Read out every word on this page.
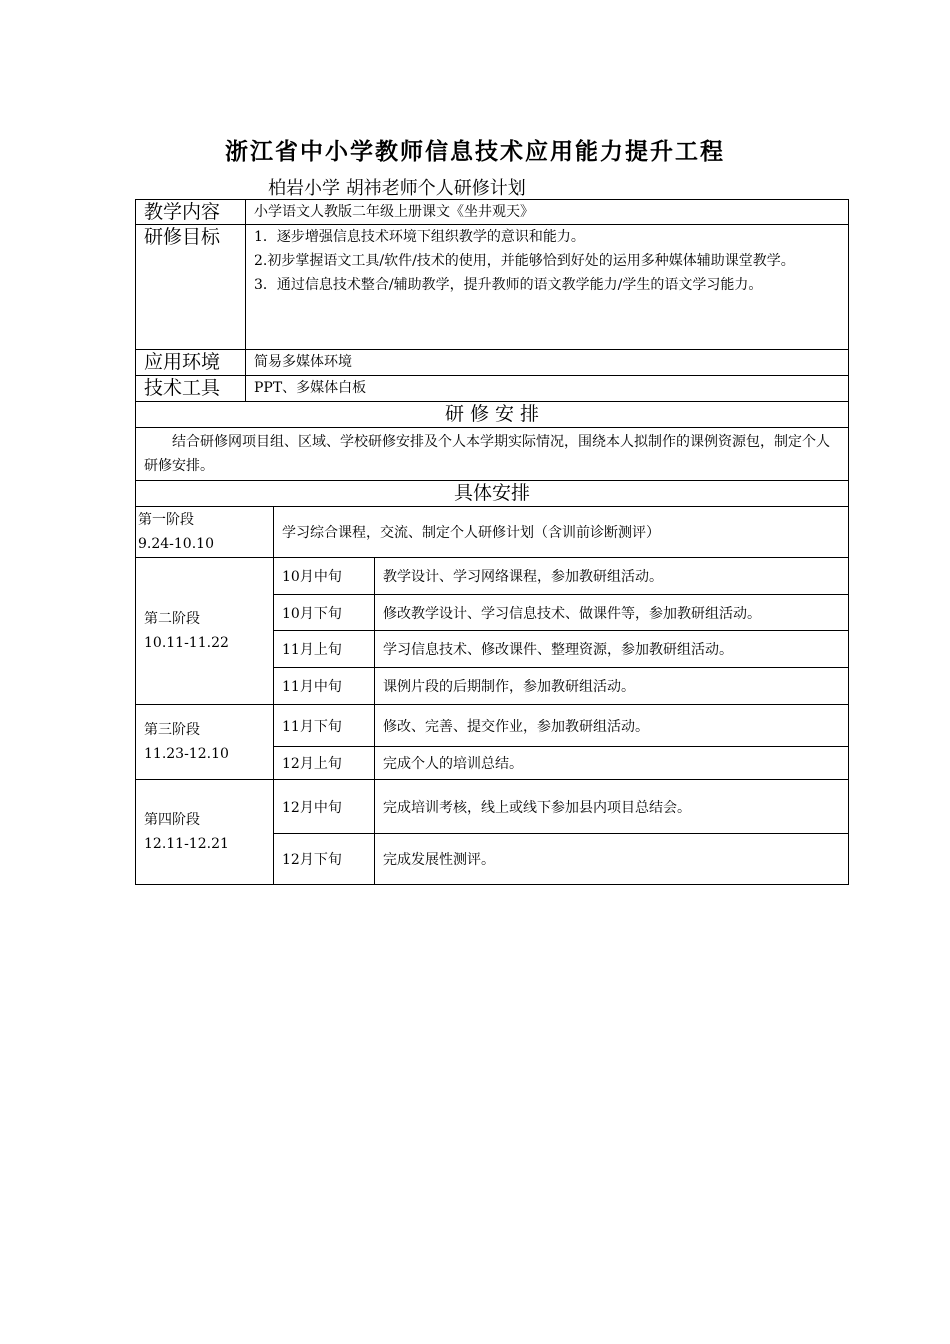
浙江省中小学教师信息技术应用能力提升工程
柏岩小学 胡祎老师个人研修计划
教学内容	小学语文人教版二年级上册课文《坐井观天》		
研修目标	1．逐步增强信息技术环境下组织教学的意识和能力。
2.初步掌握语文工具/软件/技术的使用，并能够恰到好处的运用多种媒体辅助课堂教学。
3．通过信息技术整合/辅助教学，提升教师的语文教学能力/学生的语文学习能力。		

应用环境	简易多媒体环境		
技术工具	PPT、多媒体白板		
研 修 安 排			
结合研修网项目组、区域、学校研修安排及个人本学期实际情况，围绕本人拟制作的课例资源包，制定个人研修安排。			
具体安排			

第一阶段
9.24-10.10		学习综合课程，交流、制定个人研修计划（含训前诊断测评）	

第二阶段
10.11-11.22		10月中旬	教学设计、学习网络课程，参加教研组活动。
		10月下旬	修改教学设计、学习信息技术、做课件等，参加教研组活动。
		11月上旬	学习信息技术、修改课件、整理资源，参加教研组活动。
		11月中旬	课例片段的后期制作，参加教研组活动。

第三阶段
11.23-12.10		11月下旬	修改、完善、提交作业，参加教研组活动。
		12月上旬	完成个人的培训总结。

第四阶段
12.11-12.21		12月中旬	完成培训考核，线上或线下参加县内项目总结会。
		12月下旬	完成发展性测评。
